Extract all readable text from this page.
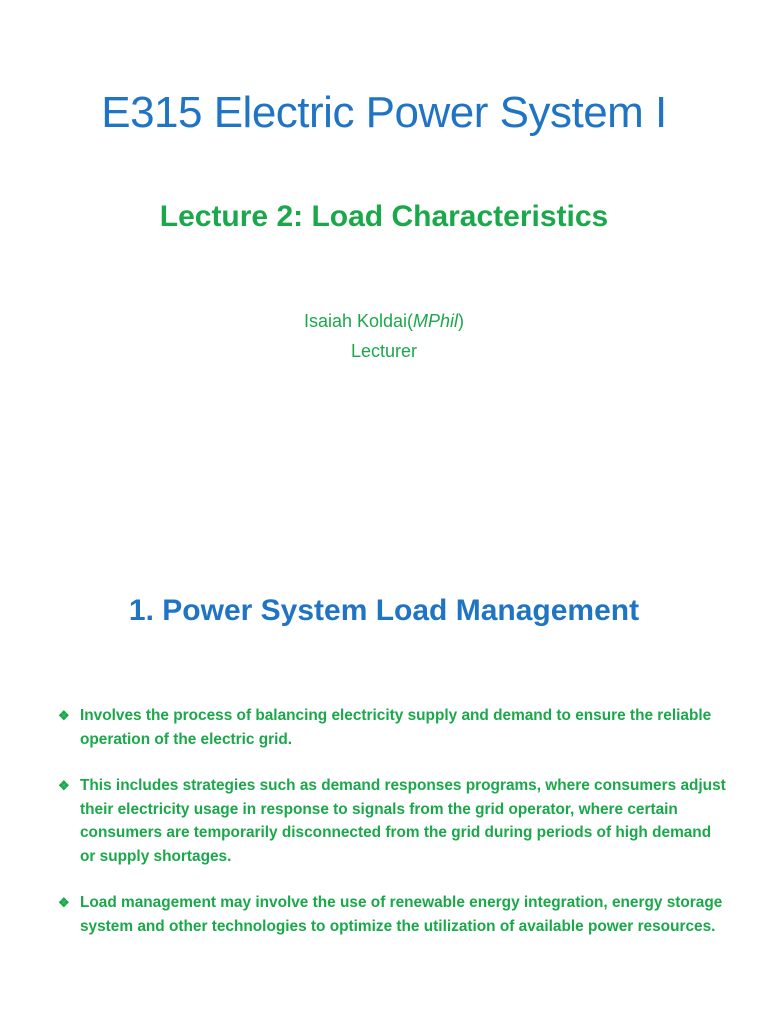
E315 Electric Power System I
Lecture 2: Load Characteristics
Isaiah Koldai(MPhil)
Lecturer
1. Power System Load Management
❖ Involves the process of balancing electricity supply and demand to ensure the reliable operation of the electric grid.
❖ This includes strategies such as demand responses programs, where consumers adjust their electricity usage in response to signals from the grid operator, where certain consumers are temporarily disconnected from the grid during periods of high demand or supply shortages.
❖ Load management may involve the use of renewable energy integration, energy storage system and other technologies to optimize the utilization of available power resources.
